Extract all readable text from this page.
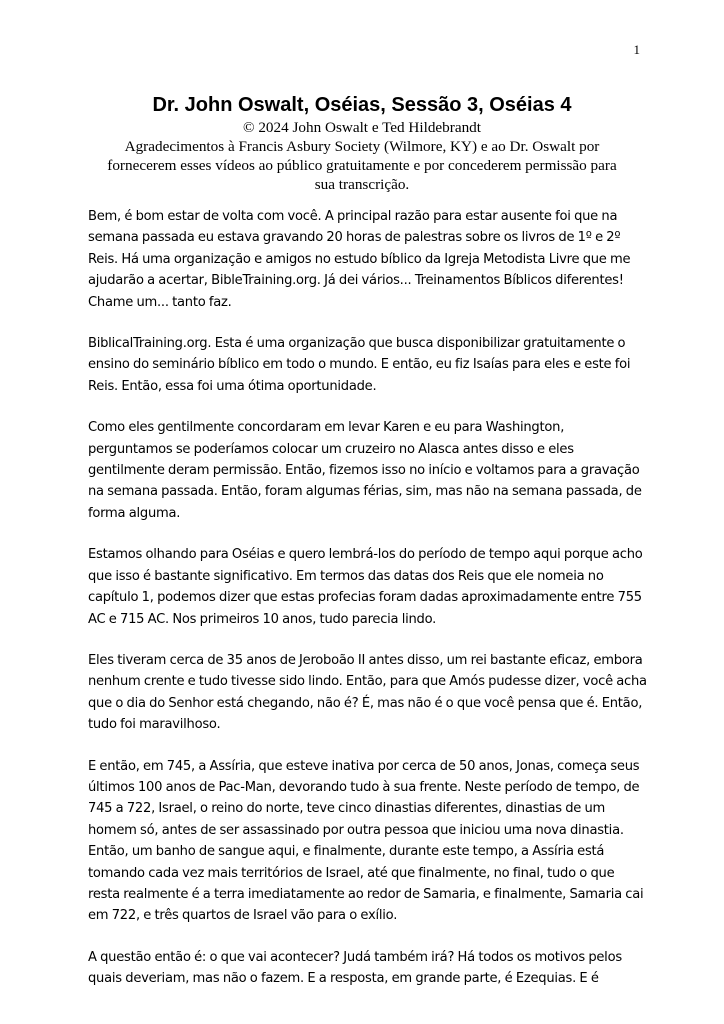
1
Dr. John Oswalt, Oséias, Sessão 3, Oséias 4

© 2024 John Oswalt e Ted Hildebrandt

Agradecimentos à Francis Asbury Society (Wilmore, KY) e ao Dr. Oswalt por

fornecerem esses vídeos ao público gratuitamente e por concederem permissão para

sua transcrição.

Bem, é bom estar de volta com você. A principal razão para estar ausente foi que na semana passada eu estava gravando 20 horas de palestras sobre os livros de 1º e 2º Reis. Há uma organização e amigos no estudo bíblico da Igreja Metodista Livre que me ajudarão a acertar, BibleTraining.org. Já dei vários... Treinamentos Bíblicos diferentes! Chame um... tanto faz.

BiblicalTraining.org. Esta é uma organização que busca disponibilizar gratuitamente o ensino do seminário bíblico em todo o mundo. E então, eu fiz Isaías para eles e este foi Reis. Então, essa foi uma ótima oportunidade.

Como eles gentilmente concordaram em levar Karen e eu para Washington, perguntamos se poderíamos colocar um cruzeiro no Alasca antes disso e eles gentilmente deram permissão. Então, fizemos isso no início e voltamos para a gravação na semana passada. Então, foram algumas férias, sim, mas não na semana passada, de forma alguma.

Estamos olhando para Oséias e quero lembrá-los do período de tempo aqui porque acho que isso é bastante significativo. Em termos das datas dos Reis que ele nomeia no capítulo 1, podemos dizer que estas profecias foram dadas aproximadamente entre 755 AC e 715 AC. Nos primeiros 10 anos, tudo parecia lindo.

Eles tiveram cerca de 35 anos de Jeroboão II antes disso, um rei bastante eficaz, embora nenhum crente e tudo tivesse sido lindo. Então, para que Amós pudesse dizer, você acha que o dia do Senhor está chegando, não é? É, mas não é o que você pensa que é. Então, tudo foi maravilhoso.

E então, em 745, a Assíria, que esteve inativa por cerca de 50 anos, Jonas, começa seus últimos 100 anos de Pac-Man, devorando tudo à sua frente. Neste período de tempo, de 745 a 722, Israel, o reino do norte, teve cinco dinastias diferentes, dinastias de um homem só, antes de ser assassinado por outra pessoa que iniciou uma nova dinastia. Então, um banho de sangue aqui, e finalmente, durante este tempo, a Assíria está tomando cada vez mais territórios de Israel, até que finalmente, no final, tudo o que resta realmente é a terra imediatamente ao redor de Samaria, e finalmente, Samaria cai em 722, e três quartos de Israel vão para o exílio.

A questão então é: o que vai acontecer? Judá também irá? Há todos os motivos pelos quais deveriam, mas não o fazem. E a resposta, em grande parte, é Ezequias. E é
